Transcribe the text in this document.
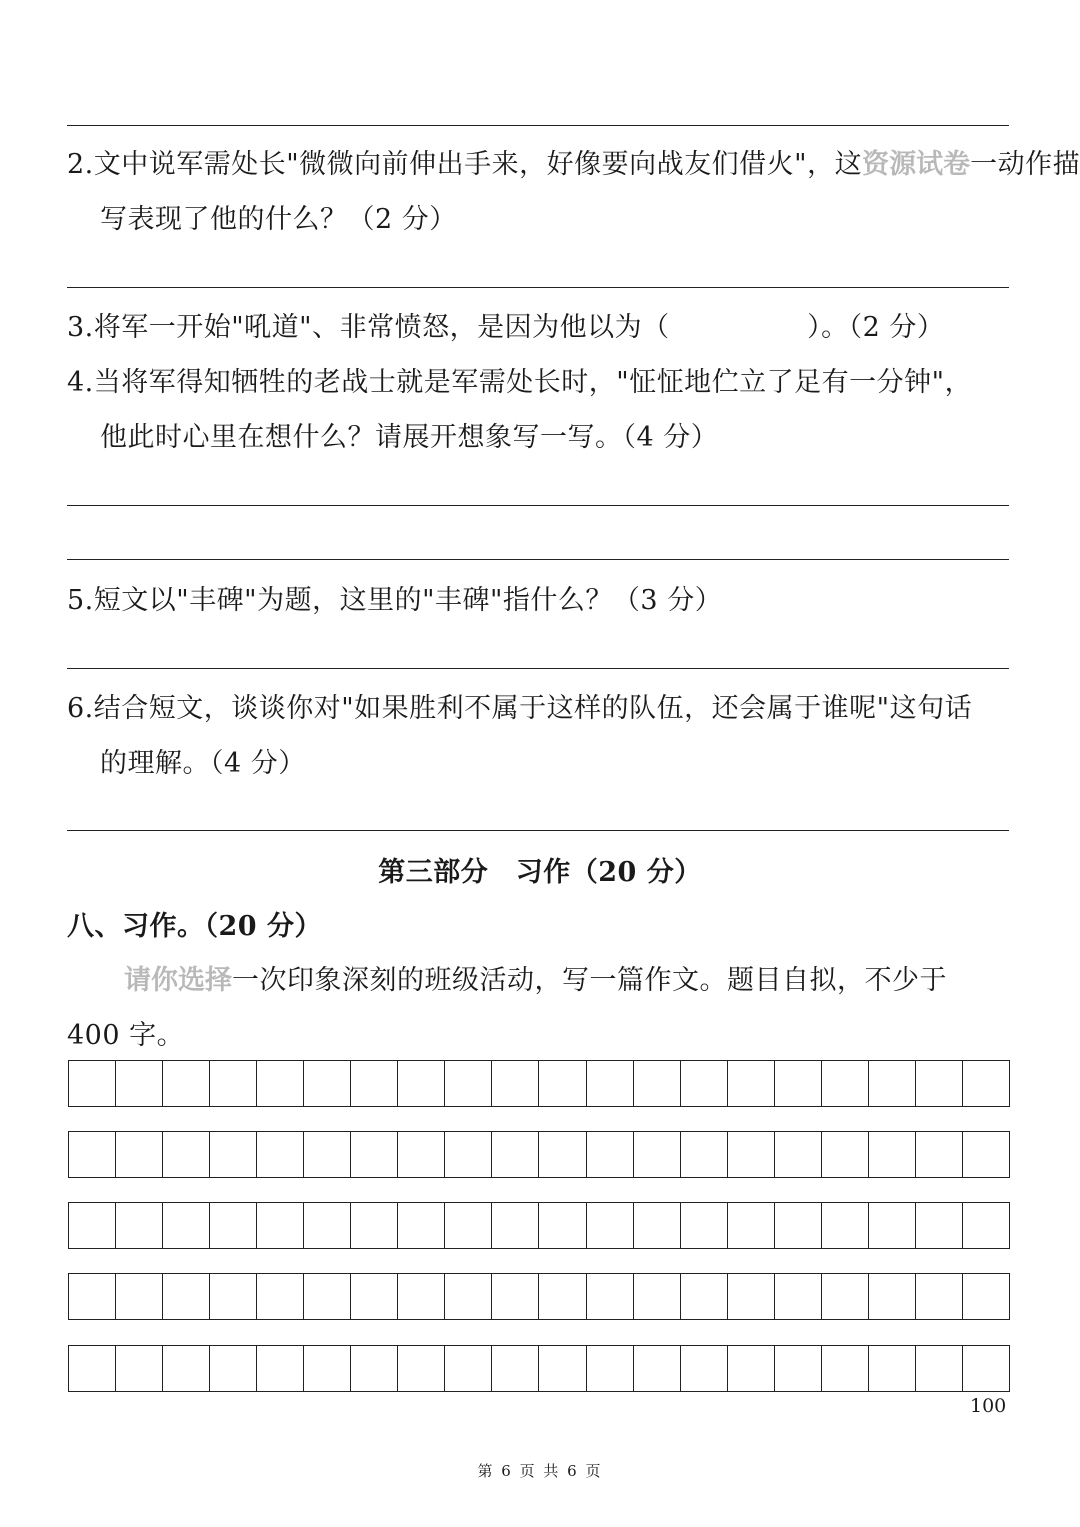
2.文中说军需处长"微微向前伸出手来，好像要向战友们借火"，这资源试卷一动作描
写表现了他的什么？（2 分）
3.将军一开始"吼道"、非常愤怒，是因为他以为（　　　　　）。（2 分）
4.当将军得知牺牲的老战士就是军需处长时，"怔怔地伫立了足有一分钟"，
他此时心里在想什么？请展开想象写一写。（4 分）
5.短文以"丰碑"为题，这里的"丰碑"指什么？（3 分）
6.结合短文，谈谈你对"如果胜利不属于这样的队伍，还会属于谁呢"这句话
的理解。（4 分）
第三部分　习作（20 分）
八、习作。（20 分）
请你选择一次印象深刻的班级活动，写一篇作文。题目自拟，不少于
400 字。
100
第 6 页 共 6 页
